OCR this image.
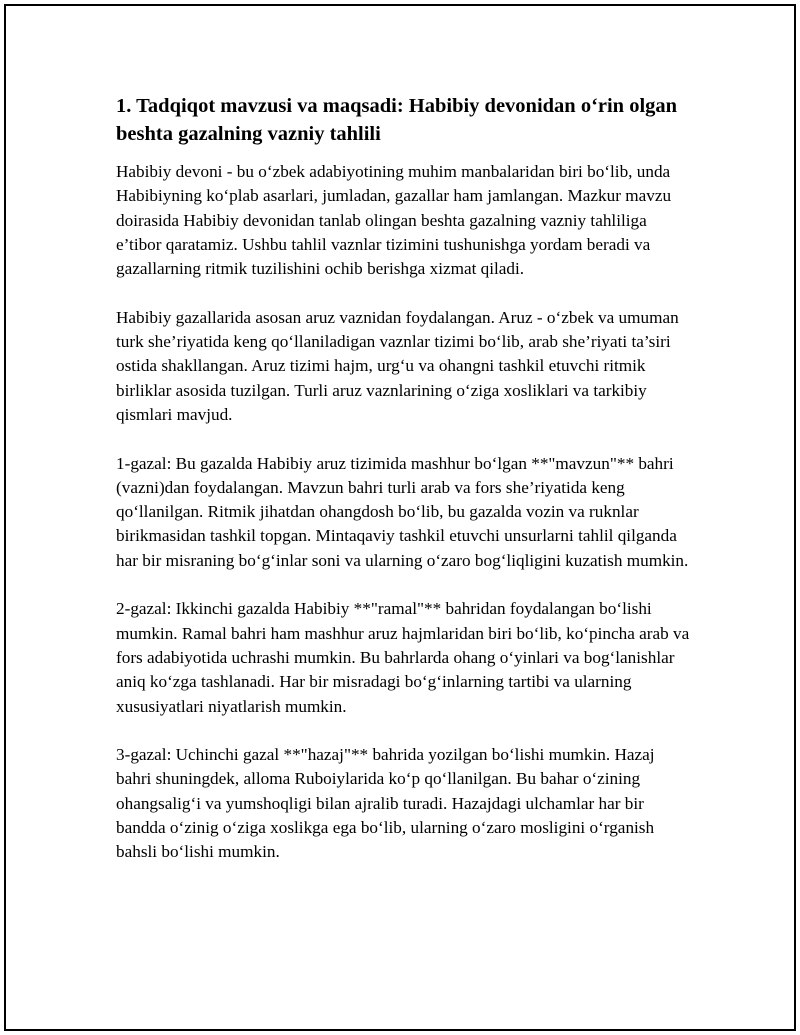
1. Tadqiqot mavzusi va maqsadi: Habibiy devonidan o‘rin olgan beshta gazalning vazniy tahlili

Habibiy devoni - bu o‘zbek adabiyotining muhim manbalaridan biri bo‘lib, unda Habibiyning ko‘plab asarlari, jumladan, gazallar ham jamlangan. Mazkur mavzu doirasida Habibiy devonidan tanlab olingan beshta gazalning vazniy tahliliga e’tibor qaratamiz. Ushbu tahlil vaznlar tizimini tushunishga yordam beradi va gazallarning ritmik tuzilishini ochib berishga xizmat qiladi.

Habibiy gazallarida asosan aruz vaznidan foydalangan. Aruz - o‘zbek va umuman turk she’riyatida keng qo‘llaniladigan vaznlar tizimi bo‘lib, arab she’riyati ta’siri ostida shakllangan. Aruz tizimi hajm, urg‘u va ohangni tashkil etuvchi ritmik birliklar asosida tuzilgan. Turli aruz vaznlarining o‘ziga xosliklari va tarkibiy qismlari mavjud.

1-gazal: Bu gazalda Habibiy aruz tizimida mashhur bo‘lgan **"mavzun"** bahri (vazni)dan foydalangan. Mavzun bahri turli arab va fors she’riyatida keng qo‘llanilgan. Ritmik jihatdan ohangdosh bo‘lib, bu gazalda vozin va ruknlar birikmasidan tashkil topgan. Mintaqaviy tashkil etuvchi unsurlarni tahlil qilganda har bir misraning bo‘g‘inlar soni va ularning o‘zaro bog‘liqligini kuzatish mumkin.

2-gazal: Ikkinchi gazalda Habibiy **"ramal"** bahridan foydalangan bo‘lishi mumkin. Ramal bahri ham mashhur aruz hajmlaridan biri bo‘lib, ko‘pincha arab va fors adabiyotida uchrashi mumkin. Bu bahrlarda ohang o‘yinlari va bog‘lanishlar aniq ko‘zga tashlanadi. Har bir misradagi bo‘g‘inlarning tartibi va ularning xususiyatlari niyatlarish mumkin.

3-gazal: Uchinchi gazal **"hazaj"** bahrida yozilgan bo‘lishi mumkin. Hazaj bahri shuningdek, alloma Ruboiylarida ko‘p qo‘llanilgan. Bu bahar o‘zining ohangsalig‘i va yumshoqligi bilan ajralib turadi. Hazajdagi ulchamlar har bir bandda o‘zinig o‘ziga xoslikga ega bo‘lib, ularning o‘zaro mosligini o‘rganish bahsli bo‘lishi mumkin.
